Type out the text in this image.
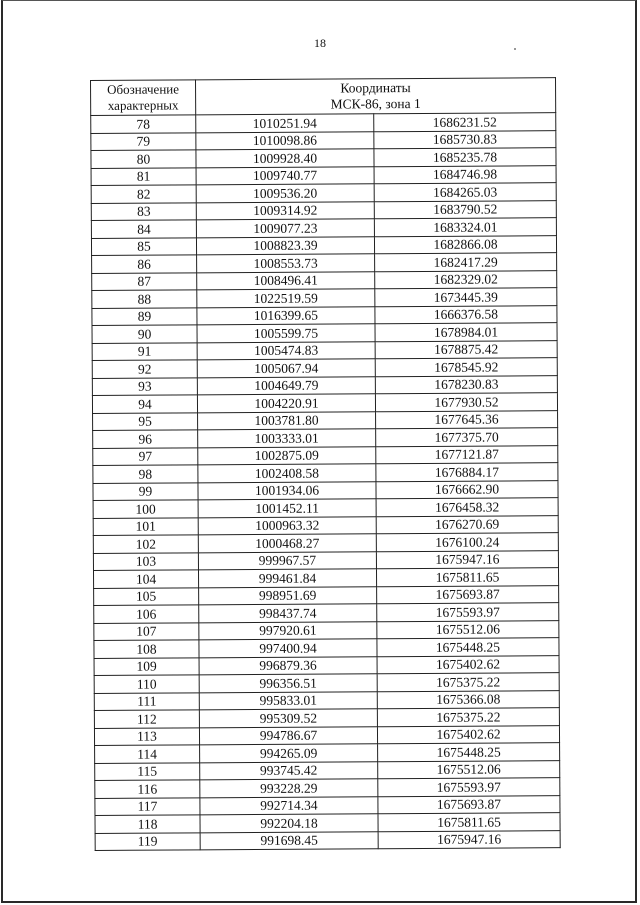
18
Обозначение
характерных	Координаты
МСК-86, зона 1	

78	1010251.94	1686231.52
79	1010098.86	1685730.83
80	1009928.40	1685235.78
81	1009740.77	1684746.98
82	1009536.20	1684265.03
83	1009314.92	1683790.52
84	1009077.23	1683324.01
85	1008823.39	1682866.08
86	1008553.73	1682417.29
87	1008496.41	1682329.02
88	1022519.59	1673445.39
89	1016399.65	1666376.58
90	1005599.75	1678984.01
91	1005474.83	1678875.42
92	1005067.94	1678545.92
93	1004649.79	1678230.83
94	1004220.91	1677930.52
95	1003781.80	1677645.36
96	1003333.01	1677375.70
97	1002875.09	1677121.87
98	1002408.58	1676884.17
99	1001934.06	1676662.90
100	1001452.11	1676458.32
101	1000963.32	1676270.69
102	1000468.27	1676100.24
103	999967.57	1675947.16
104	999461.84	1675811.65
105	998951.69	1675693.87
106	998437.74	1675593.97
107	997920.61	1675512.06
108	997400.94	1675448.25
109	996879.36	1675402.62
110	996356.51	1675375.22
111	995833.01	1675366.08
112	995309.52	1675375.22
113	994786.67	1675402.62
114	994265.09	1675448.25
115	993745.42	1675512.06
116	993228.29	1675593.97
117	992714.34	1675693.87
118	992204.18	1675811.65
119	991698.45	1675947.16
